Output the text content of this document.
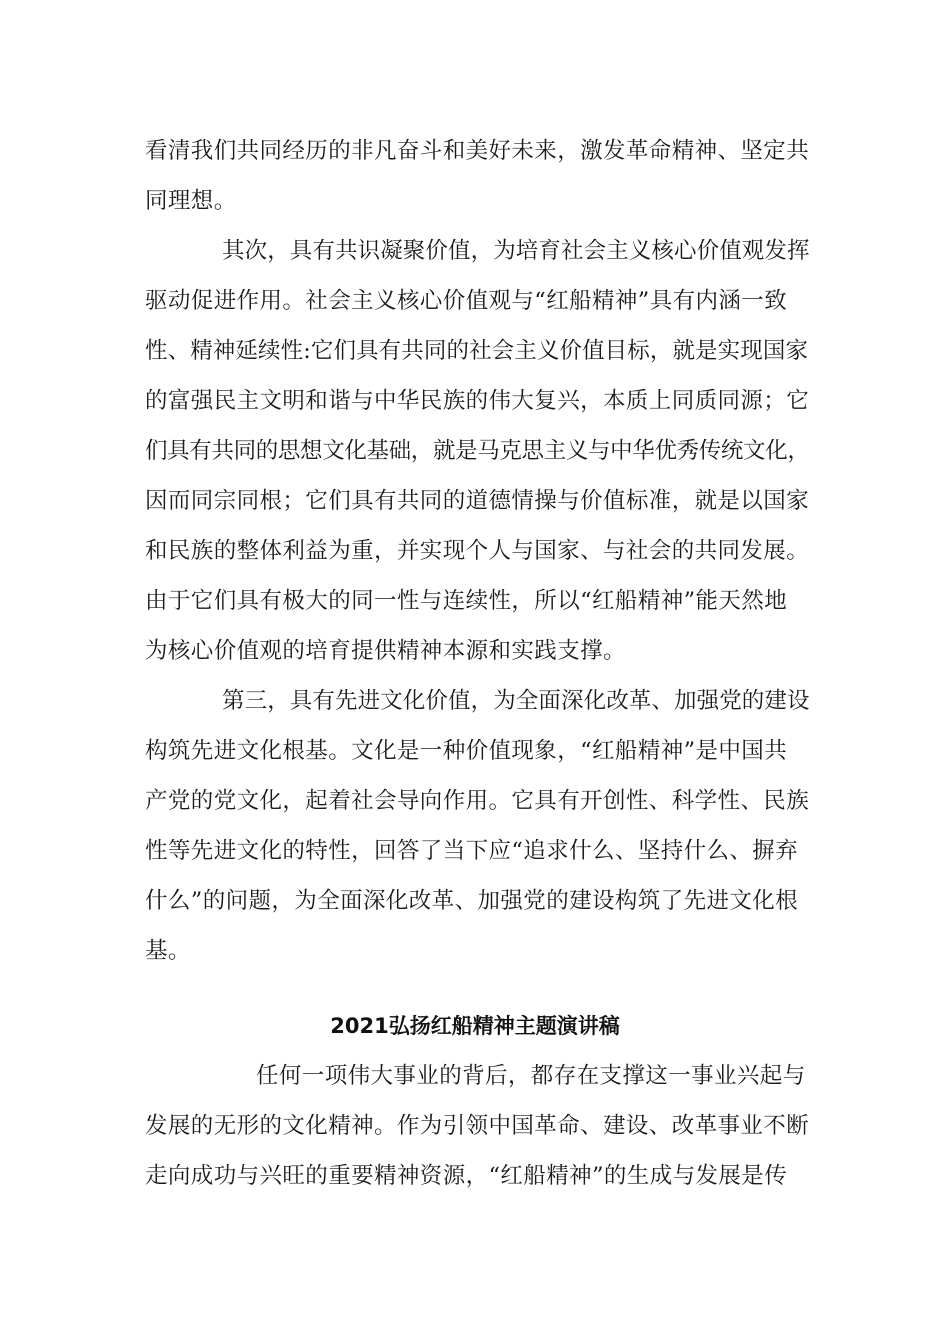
看清我们共同经历的非凡奋斗和美好未来，激发革命精神、坚定共
同理想。
其次，具有共识凝聚价值，为培育社会主义核心价值观发挥
驱动促进作用。社会主义核心价值观与“红船精神”具有内涵一致
性、精神延续性:它们具有共同的社会主义价值目标，就是实现国家
的富强民主文明和谐与中华民族的伟大复兴，本质上同质同源；它
们具有共同的思想文化基础，就是马克思主义与中华优秀传统文化，
因而同宗同根；它们具有共同的道德情操与价值标准，就是以国家
和民族的整体利益为重，并实现个人与国家、与社会的共同发展。
由于它们具有极大的同一性与连续性，所以“红船精神”能天然地
为核心价值观的培育提供精神本源和实践支撑。
第三，具有先进文化价值，为全面深化改革、加强党的建设
构筑先进文化根基。文化是一种价值现象，“红船精神”是中国共
产党的党文化，起着社会导向作用。它具有开创性、科学性、民族
性等先进文化的特性，回答了当下应“追求什么、坚持什么、摒弃
什么”的问题，为全面深化改革、加强党的建设构筑了先进文化根
基。
2021弘扬红船精神主题演讲稿
任何一项伟大事业的背后，都存在支撑这一事业兴起与
发展的无形的文化精神。作为引领中国革命、建设、改革事业不断
走向成功与兴旺的重要精神资源，“红船精神”的生成与发展是传
